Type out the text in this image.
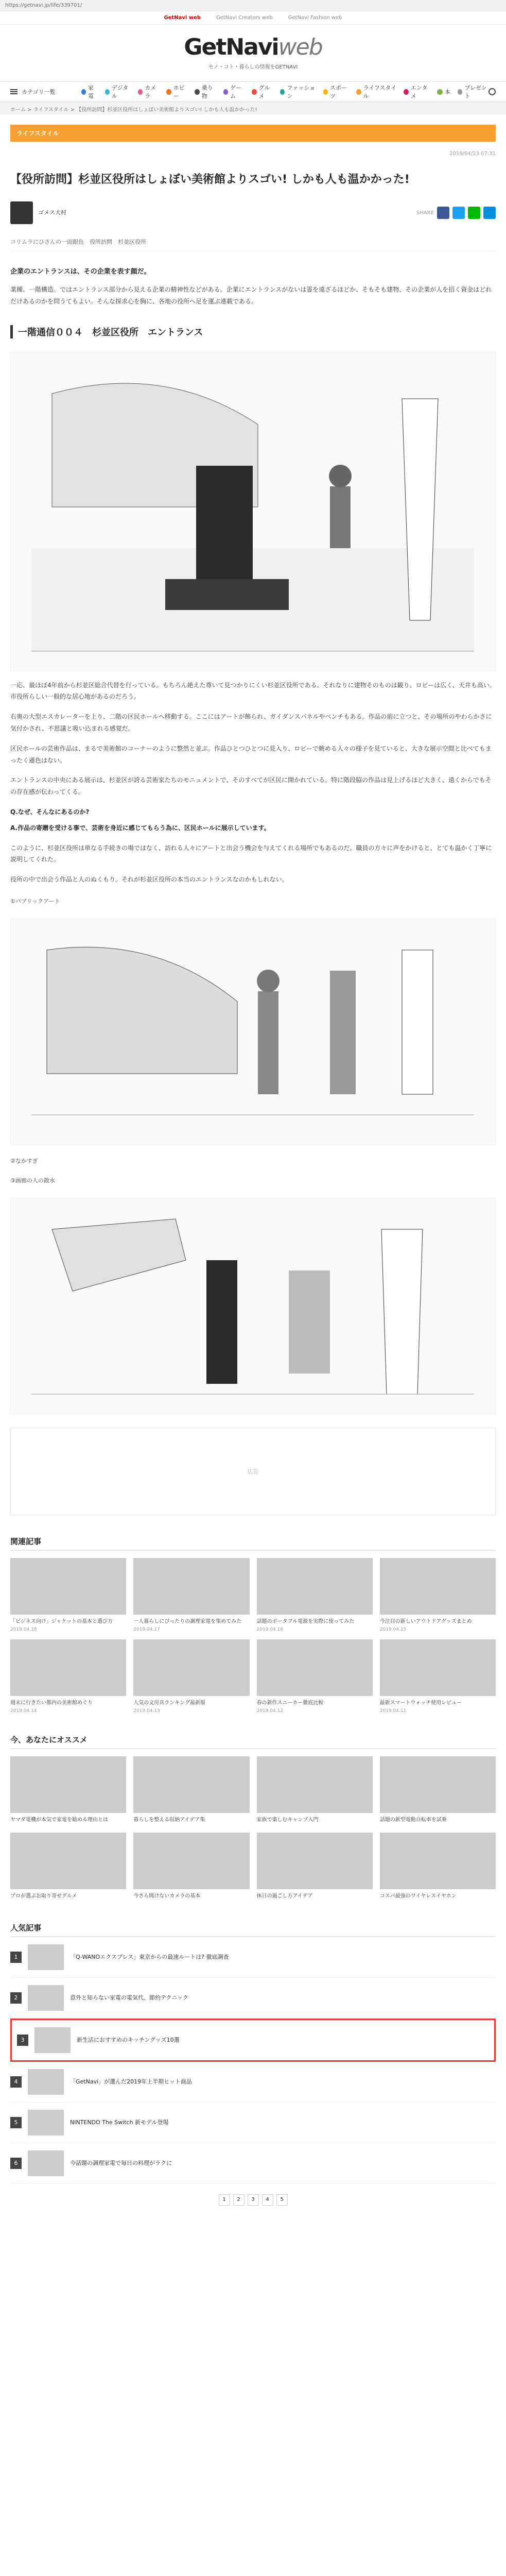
https://getnavi.jp/life/339701/
GetNavi web	GetNavi Creators web	GetNavi Fashion web
GetNaviweb
モノ・コト・暮らしの情報をGETNAVI
カテゴリ一覧
家電
デジタル
カメラ
ホビー
乗り物
ゲーム
グルメ
ファッション
スポーツ
ライフスタイル
エンタメ
本
プレゼント
ホーム > ライフスタイル > 【役所訪問】杉並区役所はしょぼい美術館よりスゴい! しかも人も温かかった!
ライフスタイル
2019/04/23 07:31
【役所訪問】杉並区役所はしょぼい美術館よりスゴい! しかも人も温かかった!
ゴメス大村	SHARE
コリムラにひさんの一面銀色　役所訪問　杉並区役所
企業のエントランスは、その企業を表す顔だ。

業種、一階構造。ではエントランス部分から見える企業の精神性などがある。企業にエントランスがないは霊を遠ざるほどか、そもそも建物、その企業が人を招く資金はどれだけあるのかを問うてもよい。そんな探求心を胸に、各地の役所へ足を運ぶ連載である。

一階通信００４　杉並区役所　エントランス

一応、最ほぼ4年前から杉並区総合代替を行っている。もちろん絶えた尊いて見つかりにくい杉並区役所である。それなりに建物そのものは観り、ロビーは広く、天井も高い。市役所らしい一般的な居心地があるのだろう。

右奥の大型エスカレーターを上り、二階の区民ホールへ移動する。ここにはアートが飾られ、ガイダンスパネルやベンチもある。作品の前に立つと、その場所のやわらかさに気付かされ、不思議と吸い込まれる感覚だ。

区民ホールの芸術作品は、まるで美術館のコーナーのように整然と並ぶ。作品ひとつひとつに見入り、ロビーで眺める人々の様子を見ていると、大きな展示空間と比べてもまったく遜色はない。

エントランスの中央にある展示は、杉並区が誇る芸術家たちのモニュメントで、そのすべてが区民に開かれている。特に階段脇の作品は見上げるほど大きく、遠くからでもその存在感が伝わってくる。

Q.なぜ、そんなにあるのか?
A.作品の寄贈を受ける事で、芸術を身近に感じてもらう為に、区民ホールに展示しています。

このように、杉並区役所は単なる手続きの場ではなく、訪れる人々にアートと出会う機会を与えてくれる場所でもあるのだ。職員の方々に声をかけると、とても温かく丁寧に説明してくれた。

役所の中で出会う作品と人のぬくもり。それが杉並区役所の本当のエントランスなのかもしれない。

①パブリックアート
②なかすぎ
③画廊の人の散水
広告
関連記事
「ビジネス向け」ジャケットの基本と選び方
2019.04.18
一人暮らしにぴったりの調理家電を集めてみた
2019.04.17
話題のポータブル電源を実際に使ってみた
2019.04.16
今注目の新しいアウトドアグッズまとめ
2019.04.15
週末に行きたい都内の美術館めぐり
2019.04.14
人気の文房具ランキング最新版
2019.04.13
春の新作スニーカー徹底比較
2019.04.12
最新スマートウォッチ使用レビュー
2019.04.11
今、あなたにオススメ
ヤマダ電機が本気で家電を勧める理由とは	暮らしを整える収納アイデア集	家族で楽しむキャンプ入門	話題の新型電動自転車を試乗
プロが選ぶお取り寄せグルメ	今さら聞けないカメラの基本	休日の過ごし方アイデア	コスパ最強のワイヤレスイヤホン
人気記事
1	「Q-WANOエクスプレス」東京からの最速ルートは? 徹底調査
2	意外と知らない家電の電気代、節約テクニック
3	新生活におすすめのキッチングッズ10選
4	「GetNavi」が選んだ2019年上半期ヒット商品
5	NINTENDO The Switch 新モデル登場
6	今話題の調理家電で毎日の料理がラクに
1	2	3	4	5
